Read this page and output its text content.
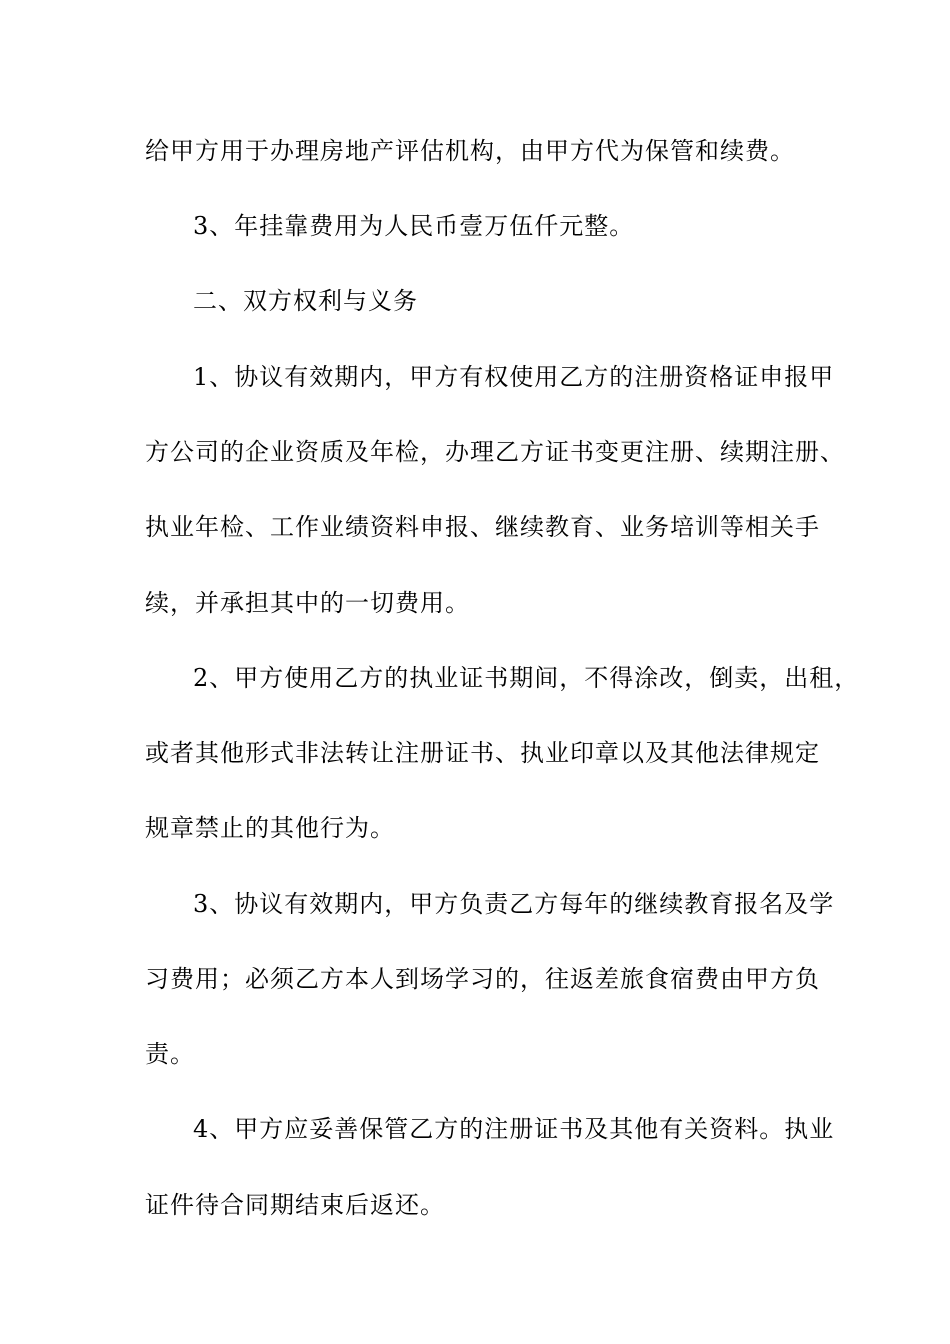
给甲方用于办理房地产评估机构，由甲方代为保管和续费。
3、年挂靠费用为人民币壹万伍仟元整。
二、双方权利与义务
1、协议有效期内，甲方有权使用乙方的注册资格证申报甲
方公司的企业资质及年检，办理乙方证书变更注册、续期注册、
执业年检、工作业绩资料申报、继续教育、业务培训等相关手
续，并承担其中的一切费用。
2、甲方使用乙方的执业证书期间，不得涂改，倒卖，出租，
或者其他形式非法转让注册证书、执业印章以及其他法律规定
规章禁止的其他行为。
3、协议有效期内，甲方负责乙方每年的继续教育报名及学
习费用；必须乙方本人到场学习的，往返差旅食宿费由甲方负
责。
4、甲方应妥善保管乙方的注册证书及其他有关资料。执业
证件待合同期结束后返还。
